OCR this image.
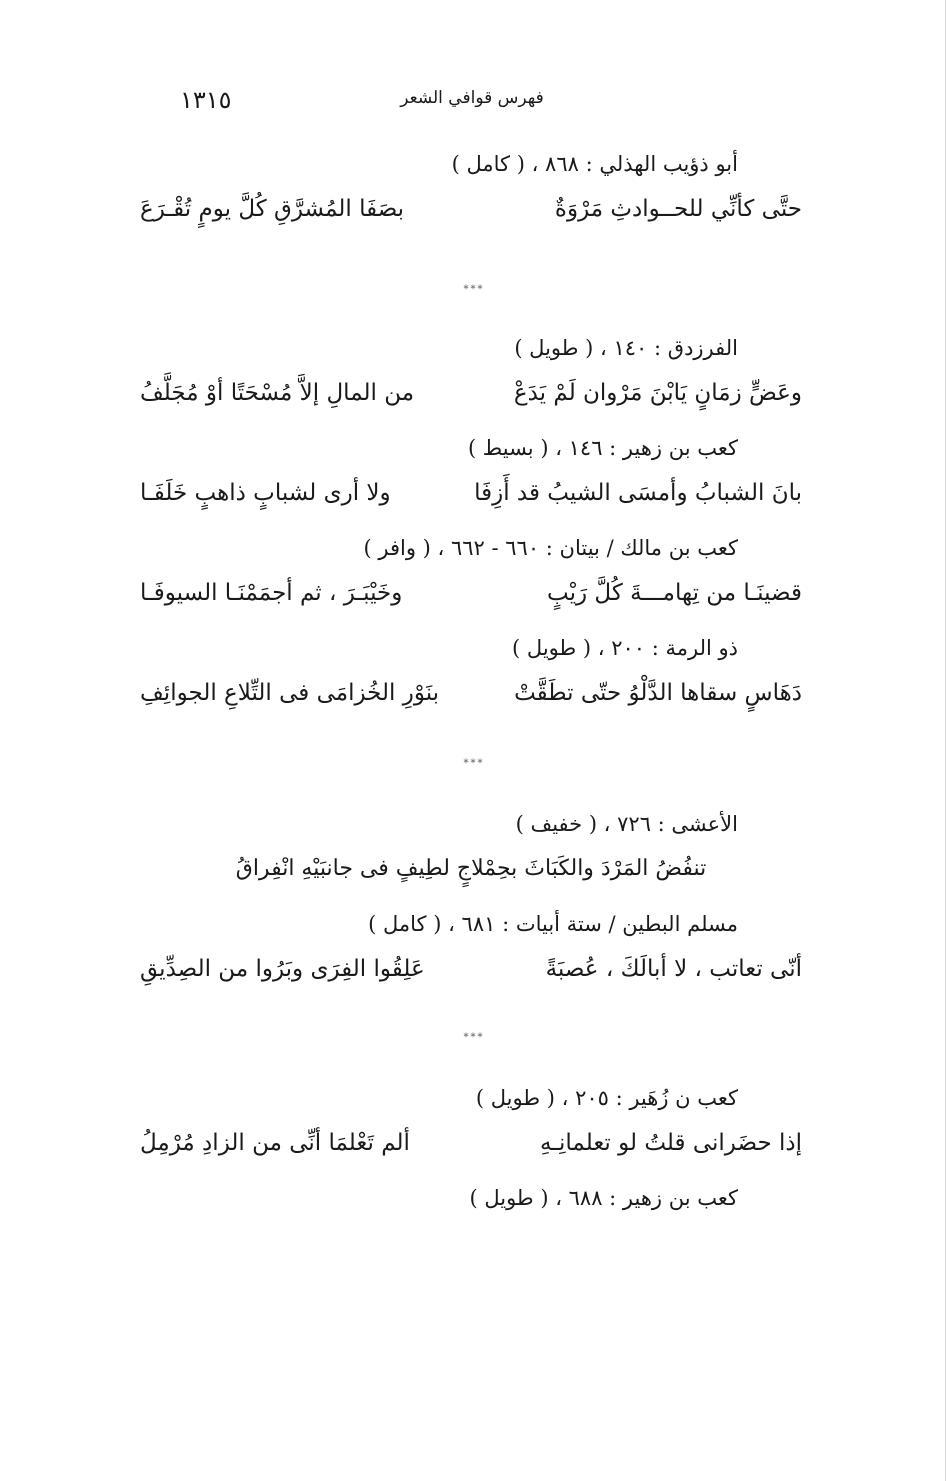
١٣١٥	فهرس قوافي الشعر
أبو ذؤيب الهذلي : ٨٦٨ ، ( كامل )
حتَّى كأنِّي للحــوادثِ مَرْوَةٌ
بصَفَا المُشرَّقِ كُلَّ يومٍ تُقْـرَعَ
***
الفرزدق : ١٤٠ ، ( طويل )
وعَضٍّ زمَانٍ يَابْنَ مَرْوان لَمْ يَدَعْ
من المالِ إلاَّ مُسْحَتًا أوْ مُجَلَّفُ
كعب بن زهير : ١٤٦ ، ( بسيط )
بانَ الشبابُ وأمسَى الشيبُ قد أَزِفَا
ولا أرى لشبابٍ ذاهبٍ خَلَفَـا
كعب بن مالك / بيتان : ٦٦٠ - ٦٦٢ ، ( وافر )
قضينَـا من تِهامـــةَ كُلَّ رَيْبٍ
وخَيْبَـرَ ، ثم أجمَمْنَـا السيوفَـا
ذو الرمة : ٢٠٠ ، ( طويل )
دَهَاسٍ سقاها الدَّلْوُ حتّى تطَقَّتْ
بنَوْرِ الخُزامَى فى التِّلاعِ الجوائِفِ
***
الأعشى : ٧٢٦ ، ( خفيف )
تنفُضُ المَرْدَ والكَبَاثَ بحِمْلاجٍ لطِيفٍ فى جانبَيْهِ انْفِراقُ
مسلم البطين / ستة أبيات : ٦٨١ ، ( كامل )
أنّى تعاتب ، لا أبالَكَ ، عُصبَةً
عَلِقُوا الفِرَى وبَرُوا من الصِدِّيقِ
***
كعب ن زُهَير : ٢٠٥ ، ( طويل )
إذا حضَرانى قلتُ لو تعلمانِـهِ
ألم تَعْلمَا أنِّى من الزادِ مُرْمِلُ
كعب بن زهير : ٦٨٨ ، ( طويل )
